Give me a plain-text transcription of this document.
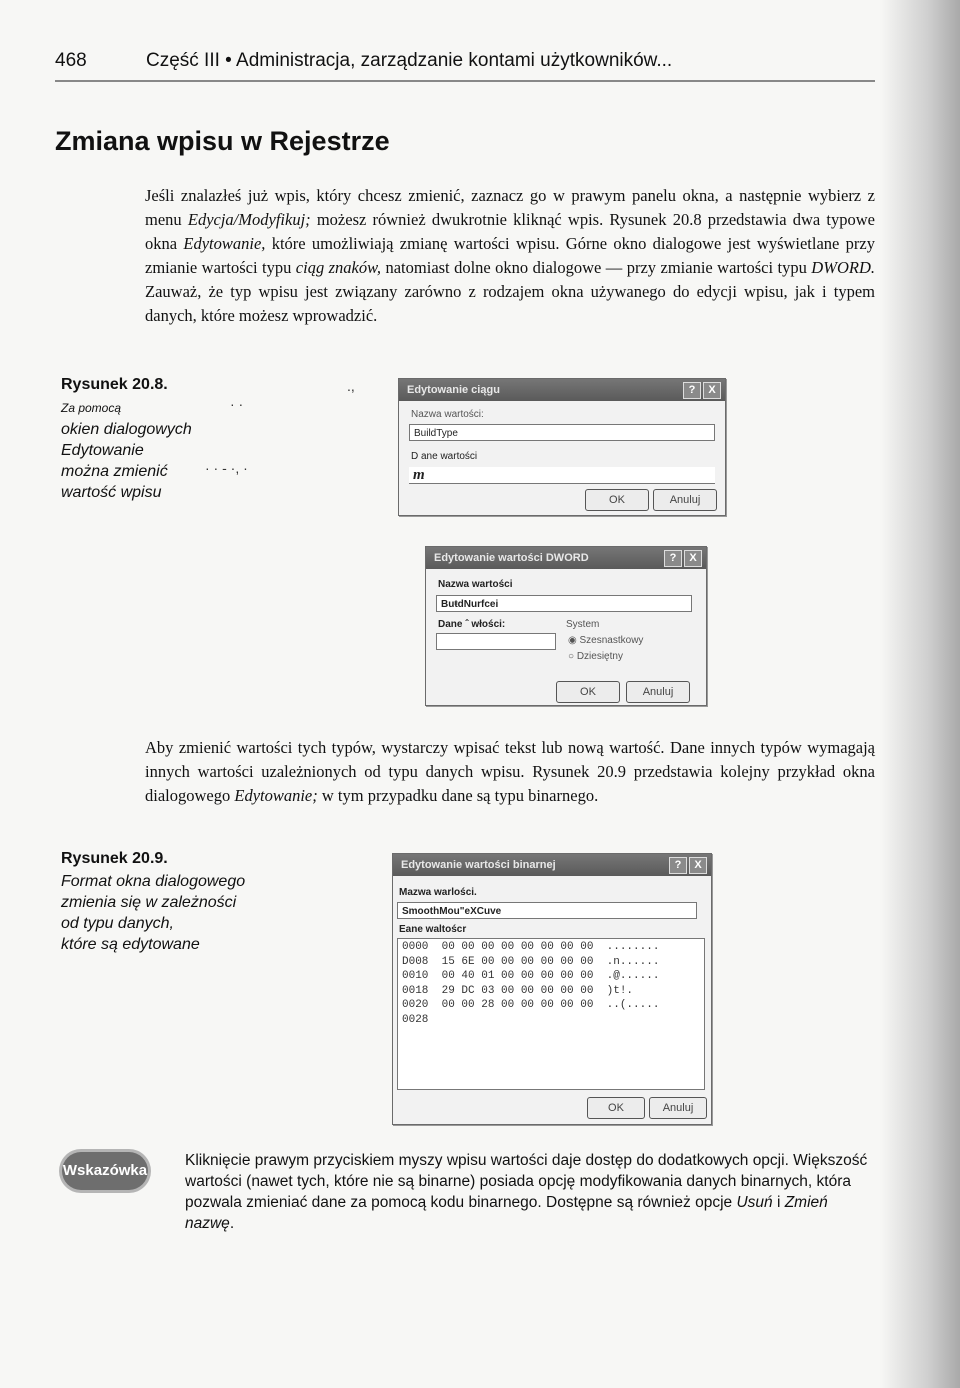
468	Część III • Administracja, zarządzanie kontami użytkowników...
Zmiana wpisu w Rejestrze
Jeśli znalazłeś już wpis, który chcesz zmienić, zaznacz go w prawym panelu okna, a następnie wybierz z menu Edycja/Modyfikuj; możesz również dwukrotnie kliknąć wpis. Rysunek 20.8 przedstawia dwa typowe okna Edytowanie, które umożliwiają zmianę wartości wpisu. Górne okno dialogowe jest wyświetlane przy zmianie wartości typu ciąg znaków, natomiast dolne okno dialogowe — przy zmianie wartości typu DWORD. Zauważ, że typ wpisu jest związany zarówno z rodzajem okna używanego do edycji wpisu, jak i typem danych, które możesz wprowadzić.
Rysunek 20.8.
Za pomocą
okien dialogowych
Edytowanie
można zmienić
wartość wpisu
.,
· ·
· · - ·, ·
Edytowanie ciągu	?	X
Nazwa wartości:
BuildType
D ane wartości
m
OK	Anuluj
Edytowanie wartości DWORD	?	X
Nazwa wartości
BuŧdNurfcei
Dane ˆ włości:	System
◉ Szesnastkowy
○ Dziesiętny
OK	Anuluj
Aby zmienić wartości tych typów, wystarczy wpisać tekst lub nową wartość. Dane innych typów wymagają innych wartości uzależnionych od typu danych wpisu. Rysunek 20.9 przedstawia kolejny przykład okna dialogowego Edytowanie; w tym przypadku dane są typu binarnego.
Rysunek 20.9.
Format okna dialogowego
zmienia się w zależności
od typu danych,
które są edytowane
Edytowanie wartości binarnej	?	X
Mazwa warlości.
SmoothMou"eXCuve
Eane waltoścr
0000  00 00 00 00 00 00 00 00  ........
D008  15 6E 00 00 00 00 00 00  .n......
0010  00 40 01 00 00 00 00 00  .@......
0018  29 DC 03 00 00 00 00 00  )t!.
0020  00 00 28 00 00 00 00 00  ..(.....
0028
OK	Anuluj
Wskazówka
Kliknięcie prawym przyciskiem myszy wpisu wartości daje dostęp do dodatkowych opcji. Większość wartości (nawet tych, które nie są binarne) posiada opcję modyfikowania danych binarnych, która pozwala zmieniać dane za pomocą kodu binarnego. Dostępne są również opcje Usuń i Zmień nazwę.
